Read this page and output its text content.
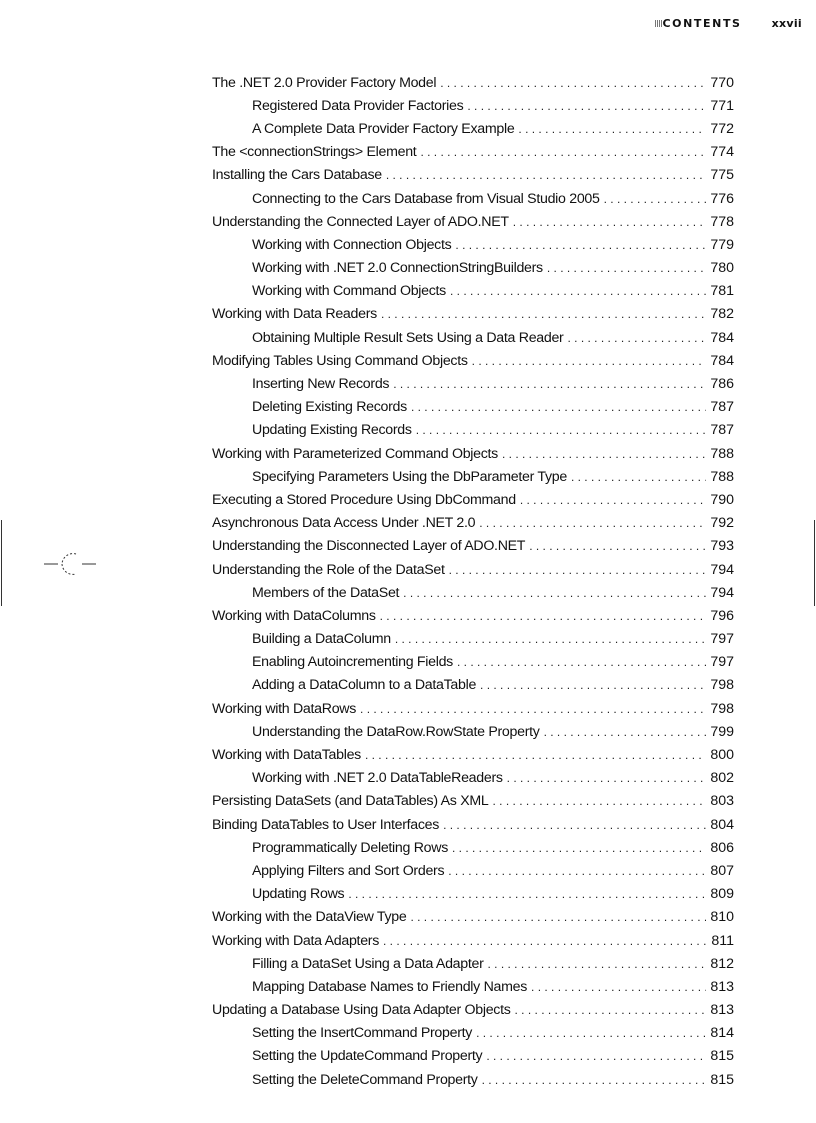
CONTENTS	xxvii
The .NET 2.0 Provider Factory Model . . .	770
Registered Data Provider Factories . . .	771
A Complete Data Provider Factory Example . . .	772
The <connectionStrings> Element . . .	774
Installing the Cars Database . . .	775
Connecting to the Cars Database from Visual Studio 2005 . . .	776
Understanding the Connected Layer of ADO.NET . . .	778
Working with Connection Objects . . .	779
Working with .NET 2.0 ConnectionStringBuilders . . .	780
Working with Command Objects . . .	781
Working with Data Readers . . .	782
Obtaining Multiple Result Sets Using a Data Reader . . .	784
Modifying Tables Using Command Objects . . .	784
Inserting New Records . . .	786
Deleting Existing Records . . .	787
Updating Existing Records . . .	787
Working with Parameterized Command Objects . . .	788
Specifying Parameters Using the DbParameter Type . . .	788
Executing a Stored Procedure Using DbCommand . . .	790
Asynchronous Data Access Under .NET 2.0 . . .	792
Understanding the Disconnected Layer of ADO.NET . . .	793
Understanding the Role of the DataSet . . .	794
Members of the DataSet . . .	794
Working with DataColumns . . .	796
Building a DataColumn . . .	797
Enabling Autoincrementing Fields . . .	797
Adding a DataColumn to a DataTable . . .	798
Working with DataRows . . .	798
Understanding the DataRow.RowState Property . . .	799
Working with DataTables . . .	800
Working with .NET 2.0 DataTableReaders . . .	802
Persisting DataSets (and DataTables) As XML . . .	803
Binding DataTables to User Interfaces . . .	804
Programmatically Deleting Rows . . .	806
Applying Filters and Sort Orders . . .	807
Updating Rows . . .	809
Working with the DataView Type . . .	810
Working with Data Adapters . . .	811
Filling a DataSet Using a Data Adapter . . .	812
Mapping Database Names to Friendly Names . . .	813
Updating a Database Using Data Adapter Objects . . .	813
Setting the InsertCommand Property . . .	814
Setting the UpdateCommand Property . . .	815
Setting the DeleteCommand Property . . .	815
